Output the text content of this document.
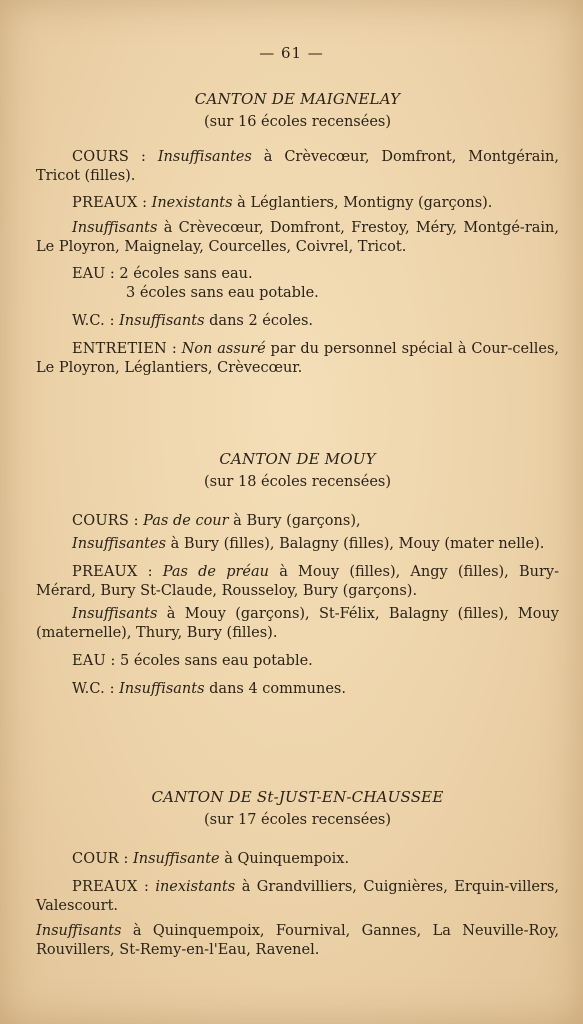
— 61 —

CANTON DE MAIGNELAY

(sur 16 écoles recensées)

COURS : Insuffisantes à Crèvecœur, Domfront, Montgérain, Tricot (filles).

PREAUX : Inexistants à Léglantiers, Montigny (garçons).

Insuffisants à Crèvecœur, Domfront, Frestoy, Méry, Montgé-rain, Le Ployron, Maignelay, Courcelles, Coivrel, Tricot.

EAU : 2 écoles sans eau.
3 écoles sans eau potable.

W.C. : Insuffisants dans 2 écoles.

ENTRETIEN : Non assuré par du personnel spécial à Cour-celles, Le Ployron, Léglantiers, Crèvecœur.

CANTON DE MOUY

(sur 18 écoles recensées)

COURS : Pas de cour à Bury (garçons),

Insuffisantes à Bury (filles), Balagny (filles), Mouy (mater nelle).

PREAUX : Pas de préau à Mouy (filles), Angy (filles), Bury-Mérard, Bury St-Claude, Rousseloy, Bury (garçons).

Insuffisants à Mouy (garçons), St-Félix, Balagny (filles), Mouy (maternelle), Thury, Bury (filles).

EAU : 5 écoles sans eau potable.

W.C. : Insuffisants dans 4 communes.

CANTON DE St-JUST-EN-CHAUSSEE

(sur 17 écoles recensées)

COUR : Insuffisante à Quinquempoix.

PREAUX : inexistants à Grandvilliers, Cuignières, Erquin-villers, Valescourt.

Insuffisants à Quinquempoix, Fournival, Gannes, La Neuville-Roy, Rouvillers, St-Remy-en-l'Eau, Ravenel.
